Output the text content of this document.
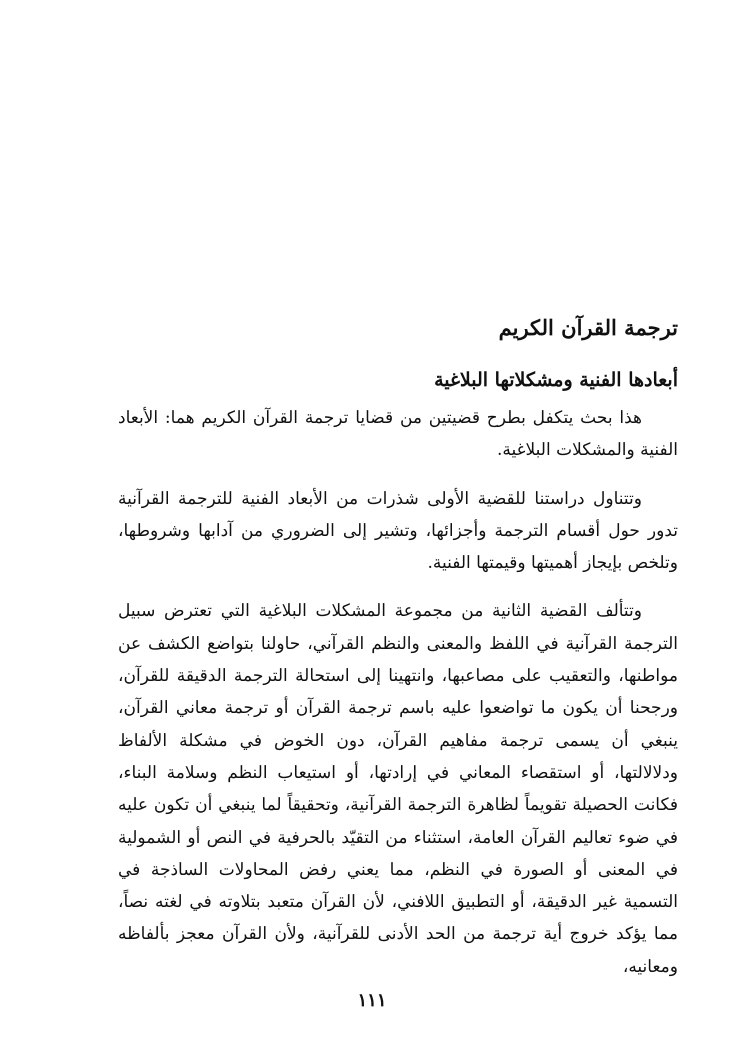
ترجمة القرآن الكريم
أبعادها الفنية ومشكلاتها البلاغية

هذا بحث يتكفل بطرح قضيتين من قضايا ترجمة القرآن الكريم هما: الأبعاد الفنية والمشكلات البلاغية.

وتتناول دراستنا للقضية الأولى شذرات من الأبعاد الفنية للترجمة القرآنية تدور حول أقسام الترجمة وأجزائها، وتشير إلى الضروري من آدابها وشروطها، وتلخص بإيجاز أهميتها وقيمتها الفنية.

وتتألف القضية الثانية من مجموعة المشكلات البلاغية التي تعترض سبيل الترجمة القرآنية في اللفظ والمعنى والنظم القرآني، حاولنا بتواضع الكشف عن مواطنها، والتعقيب على مصاعبها، وانتهينا إلى استحالة الترجمة الدقيقة للقرآن، ورجحنا أن يكون ما تواضعوا عليه باسم ترجمة القرآن أو ترجمة معاني القرآن، ينبغي أن يسمى ترجمة مفاهيم القرآن، دون الخوض في مشكلة الألفاظ ودلالالتها، أو استقصاء المعاني في إرادتها، أو استيعاب النظم وسلامة البناء، فكانت الحصيلة تقويماً لظاهرة الترجمة القرآنية، وتحقيقاً لما ينبغي أن تكون عليه في ضوء تعاليم القرآن العامة، استثناء من التقيّد بالحرفية في النص أو الشمولية في المعنى أو الصورة في النظم، مما يعني رفض المحاولات الساذجة في التسمية غير الدقيقة، أو التطبيق اللافني، لأن القرآن متعبد بتلاوته في لغته نصاً، مما يؤكد خروج أية ترجمة من الحد الأدنى للقرآنية، ولأن القرآن معجز بألفاظه ومعانيه،

١١١
